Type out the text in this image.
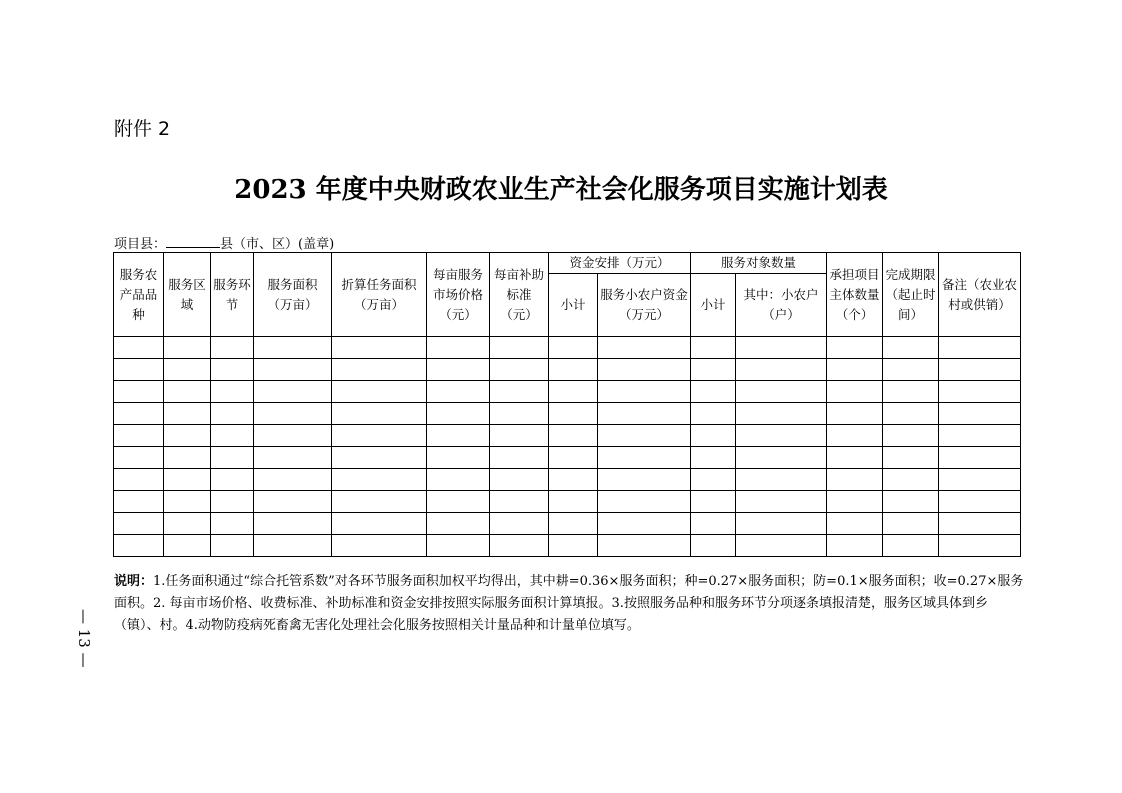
附件 2
2023 年度中央财政农业生产社会化服务项目实施计划表
项目县：	县（市、区）(盖章)
服务农产品品种	服务区域	服务环节	服务面积（万亩）	折算任务面积（万亩）	每亩服务市场价格（元）	每亩补助标准（元）	资金安排（万元）		服务对象数量		承担项目主体数量（个）	完成期限（起止时间）	备注（农业农村或供销）
							小计	服务小农户资金（万元）	小计	其中：小农户（户）			

说明：1.任务面积通过“综合托管系数”对各环节服务面积加权平均得出，其中耕=0.36×服务面积；种=0.27×服务面积；防=0.1×服务面积；收=0.27×服务面积。2. 每亩市场价格、收费标准、补助标准和资金安排按照实际服务面积计算填报。3.按照服务品种和服务环节分项逐条填报清楚，服务区域具体到乡（镇）、村。4.动物防疫病死畜禽无害化处理社会化服务按照相关计量品种和计量单位填写。
— 13 —
